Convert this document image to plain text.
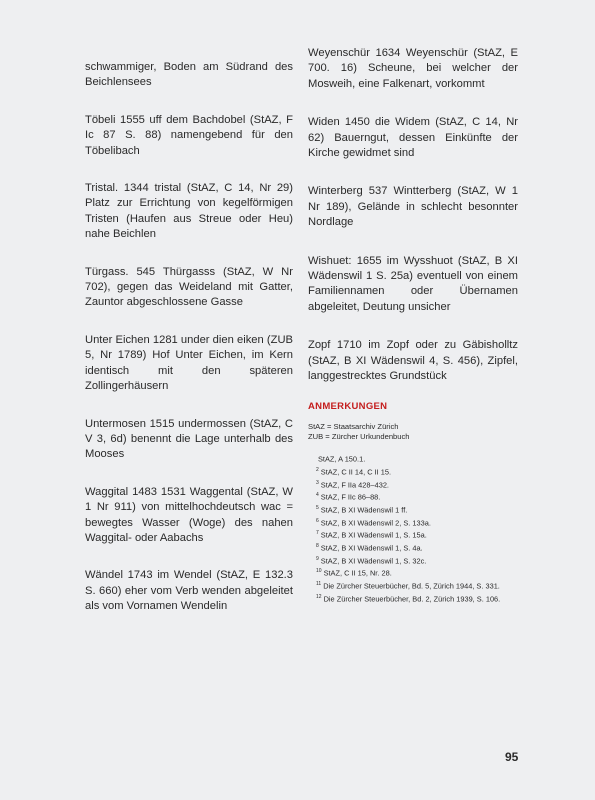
schwammiger, Boden am Südrand des Beichlensees

Töbeli 1555 uff dem Bachdobel (StAZ, F Ic 87 S. 88) namengebend für den Töbelibach

Tristal. 1344 tristal (StAZ, C 14, Nr 29) Platz zur Errichtung von kegelförmigen Tristen (Haufen aus Streue oder Heu) nahe Beichlen

Türgass. 545 Thürgasss (StAZ, W Nr 702), gegen das Weideland mit Gatter, Zauntor abgeschlossene Gasse

Unter Eichen 1281 under dien eiken (ZUB 5, Nr 1789) Hof Unter Eichen, im Kern identisch mit den späteren Zollingerhäusern

Untermosen 1515 undermossen (StAZ, C V 3, 6d) benennt die Lage unterhalb des Mooses

Waggital 1483 1531 Waggental (StAZ, W 1 Nr 911) von mittelhochdeutsch wac = bewegtes Wasser (Woge) des nahen Waggital- oder Aabachs

Wändel 1743 im Wendel (StAZ, E 132.3 S. 660) eher vom Verb wenden abgeleitet als vom Vornamen Wendelin

Weyenschür 1634 Weyenschür (StAZ, E 700. 16) Scheune, bei welcher der Mosweih, eine Falkenart, vorkommt

Widen 1450 die Widem (StAZ, C 14, Nr 62) Bauerngut, dessen Einkünfte der Kirche gewidmet sind

Winterberg 537 Wintterberg (StAZ, W 1 Nr 189), Gelände in schlecht besonnter Nordlage

Wishuet: 1655 im Wysshuot (StAZ, B XI Wädenswil 1 S. 25a) eventuell von einem Familiennamen oder Übernamen abgeleitet, Deutung unsicher

Zopf 1710 im Zopf oder zu Gäbisholltz (StAZ, B XI Wädenswil 4, S. 456), Zipfel, langgestrecktes Grundstück

ANMERKUNGEN
StAZ = Staatsarchiv Zürich
ZUB = Zürcher Urkundenbuch
StAZ, A 150.1.
$^2$ StAZ, C II 14, C II 15.
$^3$ StAZ, F IIa 428–432.
$^4$ StAZ, F IIc 86–88.
$^5$ StAZ, B XI Wädenswil 1 ff.
$^6$ StAZ, B XI Wädenswil 2, S. 133a.
$^7$ StAZ, B XI Wädenswil 1, S. 15a.
$^8$ StAZ, B XI Wädenswil 1, S. 4a.
$^9$ StAZ, B XI Wädenswil 1, S. 32c.
$^{10}$ StAZ, C II 15, Nr. 28.
$^{11}$ Die Zürcher Steuerbücher, Bd. 5, Zürich 1944, S. 331.
$^{12}$ Die Zürcher Steuerbücher, Bd. 2, Zürich 1939, S. 106.
95
